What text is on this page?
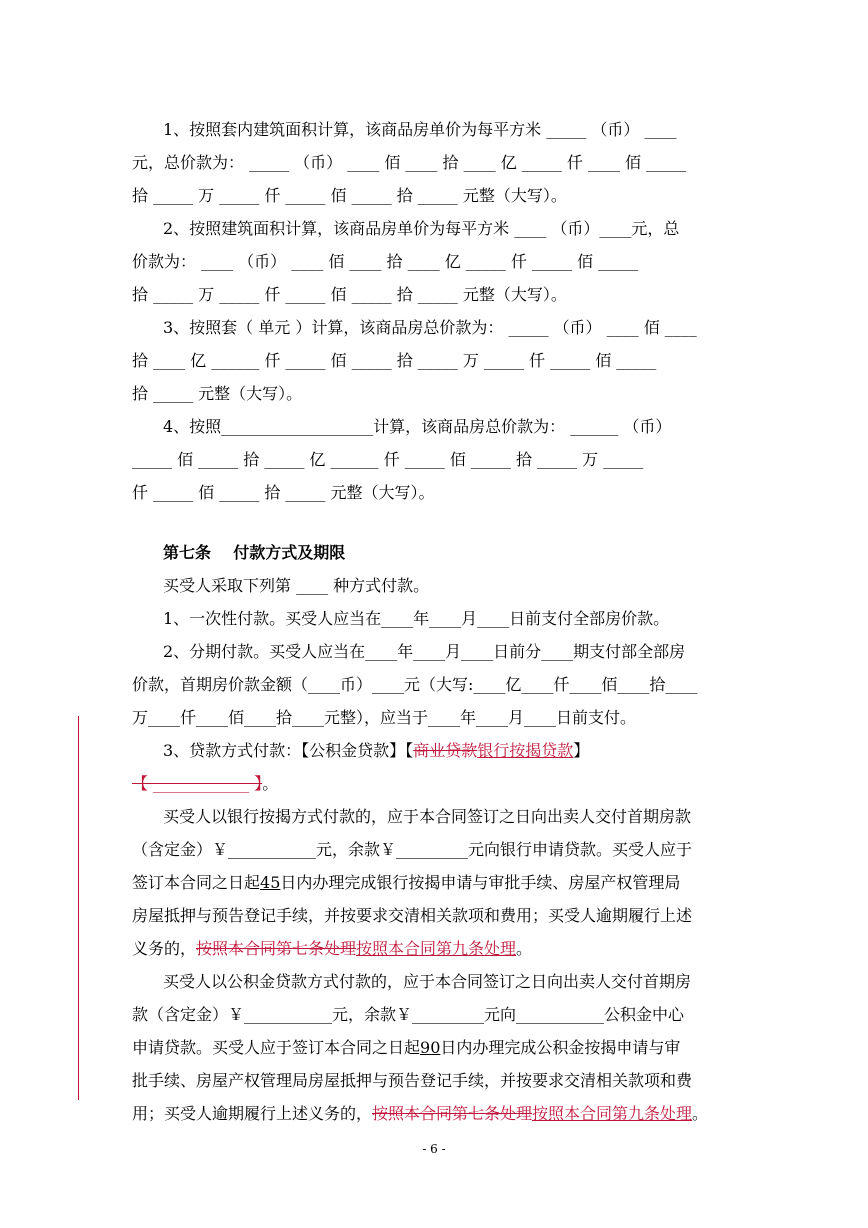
1、按照套内建筑面积计算，该商品房单价为每平方米 _____ （币） ____
元，总价款为： _____ （币） ____ 佰 ____ 拾 ____ 亿 _____ 仟 ____ 佰 _____
拾 _____ 万 _____ 仟 _____ 佰 _____ 拾 _____ 元整（大写）。
2、按照建筑面积计算，该商品房单价为每平方米 ____ （币）____元，总
价款为： ____ （币） ____ 佰 ____ 拾 ____ 亿 _____ 仟 _____ 佰 _____
拾 _____ 万 _____ 仟 _____ 佰 _____ 拾 _____ 元整（大写）。
3、按照套（ 单元 ）计算，该商品房总价款为： _____ （币） ____ 佰 ____
拾 ____ 亿 ______ 仟 _____ 佰 _____ 拾 _____ 万 _____ 仟 _____ 佰 _____
拾 _____ 元整（大写）。
4、按照___________________计算，该商品房总价款为： ______ （币）
_____ 佰 _____ 拾 _____ 亿 ______ 仟 _____ 佰 _____ 拾 _____ 万 _____
仟 _____ 佰 _____ 拾 _____ 元整（大写）。
第七条    付款方式及期限
买受人采取下列第 ____ 种方式付款。
1、一次性付款。买受人应当在____年____月____日前支付全部房价款。
2、分期付款。买受人应当在____年____月____日前分____期支付部全部房
价款，首期房价款金额（____币）____元（大写:____亿____仟____佰____拾____
万____仟____佰____拾____元整），应当于____年____月____日前支付。
3、贷款方式付款：【公积金贷款】【商业贷款银行按揭贷款】
【 ____________ 】。
买受人以银行按揭方式付款的，应于本合同签订之日向出卖人交付首期房款
（含定金）￥___________元，余款￥_________元向银行申请贷款。买受人应于
签订本合同之日起45日内办理完成银行按揭申请与审批手续、房屋产权管理局
房屋抵押与预告登记手续，并按要求交清相关款项和费用；买受人逾期履行上述
义务的，按照本合同第七条处理按照本合同第九条处理。
买受人以公积金贷款方式付款的，应于本合同签订之日向出卖人交付首期房
款（含定金）￥___________元，余款￥_________元向___________公积金中心
申请贷款。买受人应于签订本合同之日起90日内办理完成公积金按揭申请与审
批手续、房屋产权管理局房屋抵押与预告登记手续，并按要求交清相关款项和费
用；买受人逾期履行上述义务的，按照本合同第七条处理按照本合同第九条处理。
- 6 -
